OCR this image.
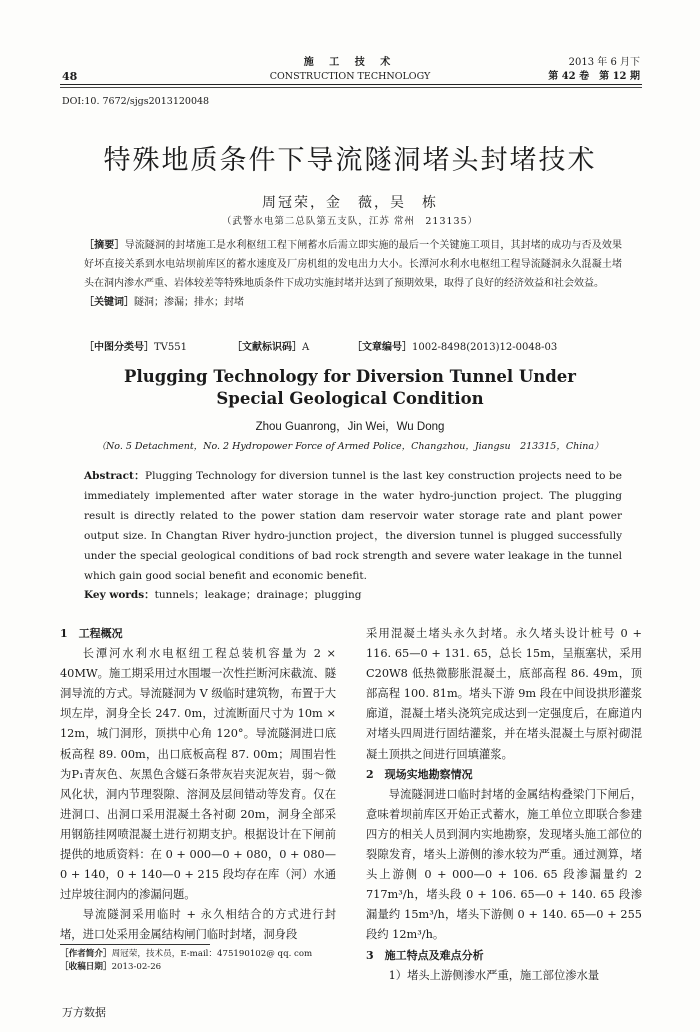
48
施 工 技 术
CONSTRUCTION TECHNOLOGY
2013 年 6 月下
第 42 卷　第 12 期
DOI:10. 7672/sjgs2013120048
特殊地质条件下导流隧洞堵头封堵技术
周冠荣，金　薇，吴　栋
（武警水电第二总队第五支队，江苏 常州　213135）
［摘要］导流隧洞的封堵施工是水利枢纽工程下闸蓄水后需立即实施的最后一个关键施工项目，其封堵的成功与否及效果好坏直接关系到水电站坝前库区的蓄水速度及厂房机组的发电出力大小。长潭河水利水电枢纽工程导流隧洞永久混凝土堵头在洞内渗水严重、岩体较差等特殊地质条件下成功实施封堵并达到了预期效果，取得了良好的经济效益和社会效益。
［关键词］隧洞；渗漏；排水；封堵
［中图分类号］TV551	［文献标识码］A	［文章编号］1002-8498(2013)12-0048-03
Plugging Technology for Diversion Tunnel Under
Special Geological Condition
Zhou Guanrong，Jin Wei，Wu Dong
（No. 5 Detachment，No. 2 Hydropower Force of Armed Police，Changzhou，Jiangsu　213315，China）
Abstract：Plugging Technology for diversion tunnel is the last key construction projects need to be immediately implemented after water storage in the water hydro-junction project. The plugging result is directly related to the power station dam reservoir water storage rate and plant power output size. In Changtan River hydro-junction project，the diversion tunnel is plugged successfully under the special geological conditions of bad rock strength and severe water leakage in the tunnel which gain good social benefit and economic benefit.
Key words：tunnels；leakage；drainage；plugging
1　工程概况

长潭河水利水电枢纽工程总装机容量为 2 × 40MW。施工期采用过水围堰一次性拦断河床截流、隧洞导流的方式。导流隧洞为 V 级临时建筑物，布置于大坝左岸，洞身全长 247. 0m，过流断面尺寸为 10m × 12m，城门洞形，顶拱中心角 120°。导流隧洞进口底板高程 89. 00m，出口底板高程 87. 00m；周围岩性为P₁青灰色、灰黑色含燧石条带灰岩夹泥灰岩，弱～微风化状，洞内节理裂隙、溶洞及层间错动等发育。仅在进洞口、出洞口采用混凝土各衬砌 20m，洞身全部采用钢筋挂网喷混凝土进行初期支护。根据设计在下闸前提供的地质资料：在 0 + 000—0 + 080，0 + 080—0 + 140，0 + 140—0 + 215 段均存在库（河）水通过岸坡往洞内的渗漏问题。

导流隧洞采用临时 + 永久相结合的方式进行封堵，进口处采用金属结构闸门临时封堵，洞身段

采用混凝土堵头永久封堵。永久堵头设计桩号 0 + 116. 65—0 + 131. 65，总长 15m，呈瓶塞状，采用 C20W8 低热微膨胀混凝土，底部高程 86. 49m，顶部高程 100. 81m。堵头下游 9m 段在中间设拱形灌浆廊道，混凝土堵头浇筑完成达到一定强度后，在廊道内对堵头四周进行固结灌浆，并在堵头混凝土与原衬砌混凝土顶拱之间进行回填灌浆。

2　现场实地勘察情况

导流隧洞进口临时封堵的金属结构叠梁门下闸后，意味着坝前库区开始正式蓄水，施工单位立即联合参建四方的相关人员到洞内实地勘察，发现堵头施工部位的裂隙发育，堵头上游侧的渗水较为严重。通过测算，堵头上游侧 0 + 000—0 + 106. 65 段渗漏量约 2 717m³/h，堵头段 0 + 106. 65—0 + 140. 65 段渗漏量约 15m³/h，堵头下游侧 0 + 140. 65—0 + 255 段约 12m³/h。

3　施工特点及难点分析

1）堵头上游侧渗水严重，施工部位渗水量

［作者简介］周冠荣，技术员，E-mail：475190102@ qq. com
［收稿日期］2013-02-26
万方数据
